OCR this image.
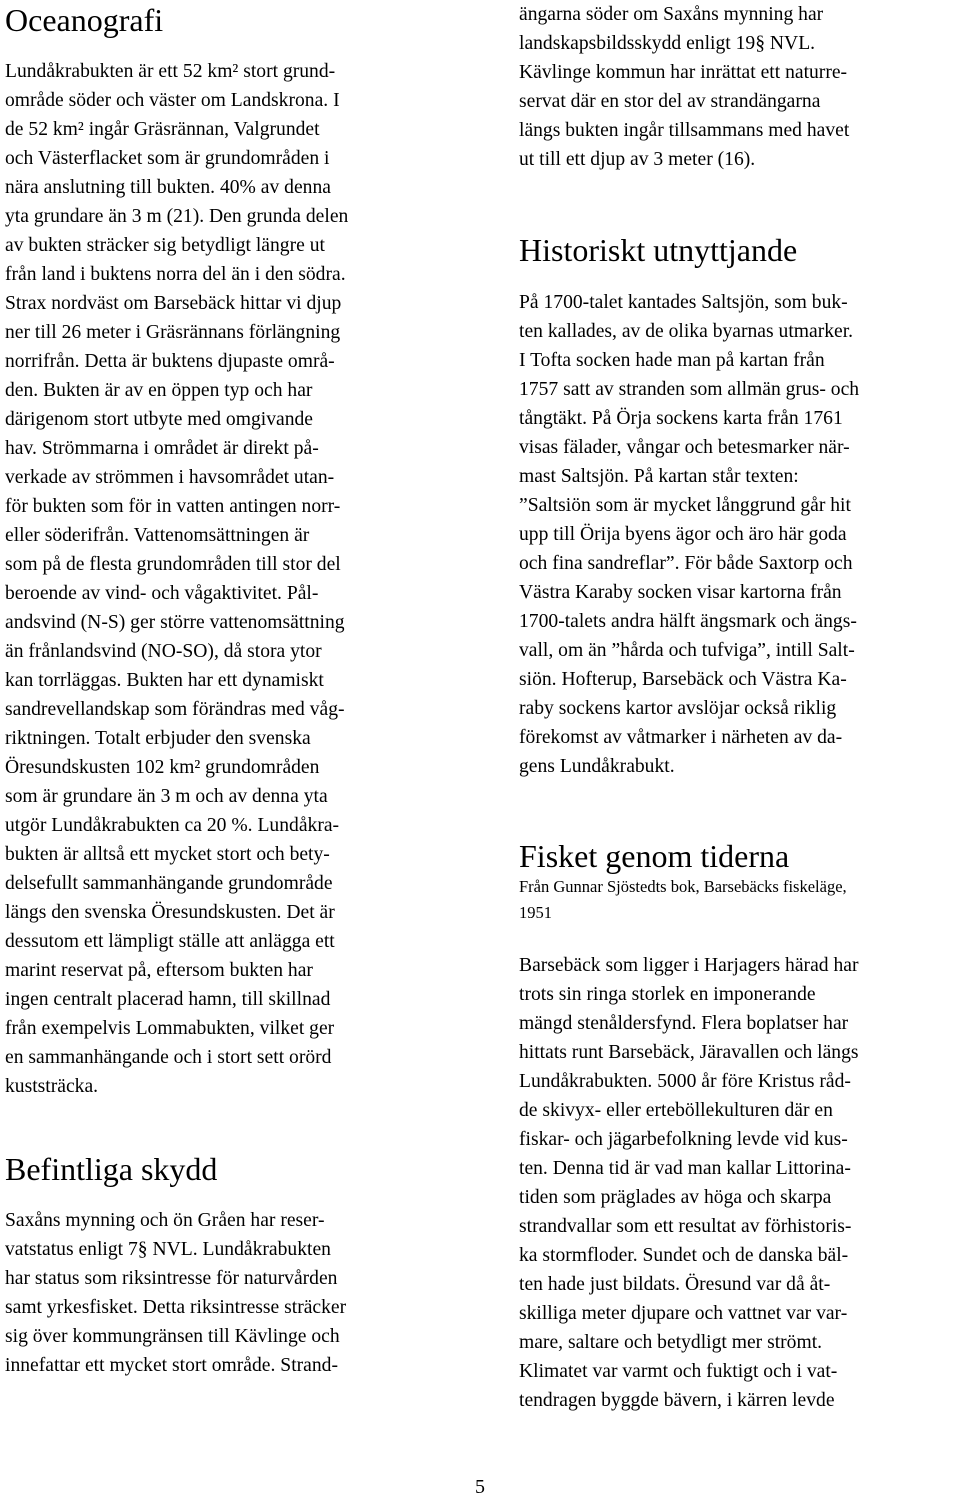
Oceanografi

Lundåkrabukten är ett 52 km² stort grund-
område söder och väster om Landskrona. I
de 52 km² ingår Gräsrännan, Valgrundet
och Västerflacket som är grundområden i
nära anslutning till bukten. 40% av denna
yta grundare än 3 m (21). Den grunda delen
av bukten sträcker sig betydligt längre ut
från land i buktens norra del än i den södra.
Strax nordväst om Barsebäck hittar vi djup
ner till 26 meter i Gräsrännans förlängning
norrifrån. Detta är buktens djupaste områ-
den. Bukten är av en öppen typ och har
därigenom stort utbyte med omgivande
hav. Strömmarna i området är direkt på-
verkade av strömmen i havsområdet utan-
för bukten som för in vatten antingen norr-
eller söderifrån. Vattenomsättningen är
som på de flesta grundområden till stor del
beroende av vind- och vågaktivitet. Pål-
andsvind (N-S) ger större vattenomsättning
än frånlandsvind (NO-SO), då stora ytor
kan torrläggas. Bukten har ett dynamiskt
sandrevellandskap som förändras med våg-
riktningen. Totalt erbjuder den svenska
Öresundskusten 102 km² grundområden
som är grundare än 3 m och av denna yta
utgör Lundåkrabukten ca 20 %. Lundåkra-
bukten är alltså ett mycket stort och bety-
delsefullt sammanhängande grundområde
längs den svenska Öresundskusten. Det är
dessutom ett lämpligt ställe att anlägga ett
marint reservat på, eftersom bukten har
ingen centralt placerad hamn, till skillnad
från exempelvis Lommabukten, vilket ger
en sammanhängande och i stort sett orörd
kuststräcka.

Befintliga skydd

Saxåns mynning och ön Gråen har reser-
vatstatus enligt 7§ NVL. Lundåkrabukten
har status som riksintresse för naturvården
samt yrkesfisket. Detta riksintresse sträcker
sig över kommungränsen till Kävlinge och
innefattar ett mycket stort område. Strand-

ängarna söder om Saxåns mynning har
landskapsbildsskydd enligt 19§ NVL.
Kävlinge kommun har inrättat ett naturre-
servat där en stor del av strandängarna
längs bukten ingår tillsammans med havet
ut till ett djup av 3 meter (16).

Historiskt utnyttjande

På 1700-talet kantades Saltsjön, som buk-
ten kallades, av de olika byarnas utmarker.
I Tofta socken hade man på kartan från
1757 satt av stranden som allmän grus- och
tångtäkt. På Örja sockens karta från 1761
visas fälader, vångar och betesmarker när-
mast Saltsjön. På kartan står texten:
”Saltsiön som är mycket långgrund går hit
upp till Örija byens ägor och äro här goda
och fina sandreflar”. För både Saxtorp och
Västra Karaby socken visar kartorna från
1700-talets andra hälft ängsmark och ängs-
vall, om än ”hårda och tufviga”, intill Salt-
siön. Hofterup, Barsebäck och Västra Ka-
raby sockens kartor avslöjar också riklig
förekomst av våtmarker i närheten av da-
gens Lundåkrabukt.

Fisket genom tiderna

Från Gunnar Sjöstedts bok, Barsebäcks fiskeläge,
1951

Barsebäck som ligger i Harjagers härad har
trots sin ringa storlek en imponerande
mängd stenåldersfynd. Flera boplatser har
hittats runt Barsebäck, Järavallen och längs
Lundåkrabukten. 5000 år före Kristus råd-
de skivyx- eller erteböllekulturen där en
fiskar- och jägarbefolkning levde vid kus-
ten. Denna tid är vad man kallar Littorina-
tiden som präglades av höga och skarpa
strandvallar som ett resultat av förhistoris-
ka stormfloder. Sundet och de danska bäl-
ten hade just bildats. Öresund var då åt-
skilliga meter djupare och vattnet var var-
mare, saltare och betydligt mer strömt.
Klimatet var varmt och fuktigt och i vat-
tendragen byggde bävern, i kärren levde

5
